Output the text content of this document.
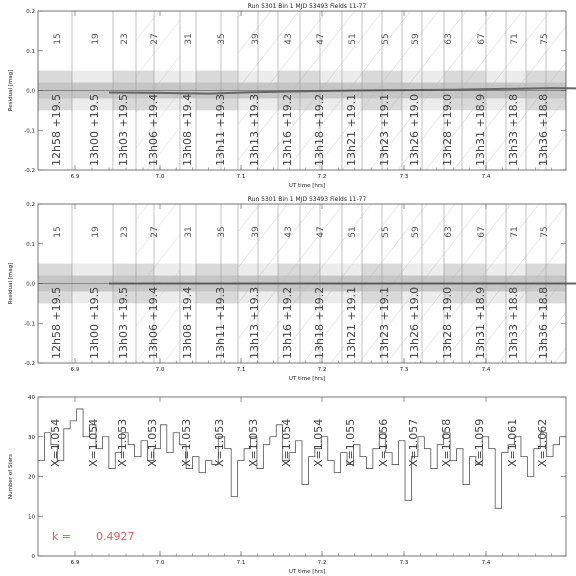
15	19 23 27	31	35	39	43 47 51	55 59	63	67	71 75
12h58 +19.5 13h00 +19.5 13h03 +19.5 13h06 +19.4 13h08 +19.4 13h11 +19.3 13h13 +19.3 13h16 +19.2 13h18 +19.2 13h21 +19.1 13h23 +19.1 13h26 +19.0 13h28 +19.0 13h31 +18.9 13h33 +18.8 13h36 +18.8
-0.2
-0.1
0.0
0.1
0.2
Run 5301 Bin 1 MJD 53493 Fields 11-77
6.9	7.0	7.1	7.2	7.3	7.4
UT time [hrs]
Residual [mag]
15	19 23 27	31	35	39	43 47 51	55 59	63	67	71 75
12h58 +19.5 13h00 +19.5 13h03 +19.5 13h06 +19.4 13h08 +19.4 13h11 +19.3 13h13 +19.3 13h16 +19.2 13h18 +19.2 13h21 +19.1 13h23 +19.1 13h26 +19.0 13h28 +19.0 13h31 +18.9 13h33 +18.8 13h36 +18.8
-0.2
-0.1
0.0
0.1
0.2
Run 5301 Bin 1 MJD 53493 Fields 11-77
6.9	7.0	7.1	7.2	7.3	7.4
UT time [hrs]
Residual [mag]
X=1.054 X=1.054 X=1.053 X=1.053 X=1.053 X=1.053 X=1.053 X=1.054 X=1.054 X=1.055 X=1.056 X=1.057 X=1.058 X=1.059 X=1.061 X=1.062
0
10
20
30
40
k = 0.4927
6.9	7.0	7.1	7.2	7.3	7.4
UT time [hrs]
Number of Stars
